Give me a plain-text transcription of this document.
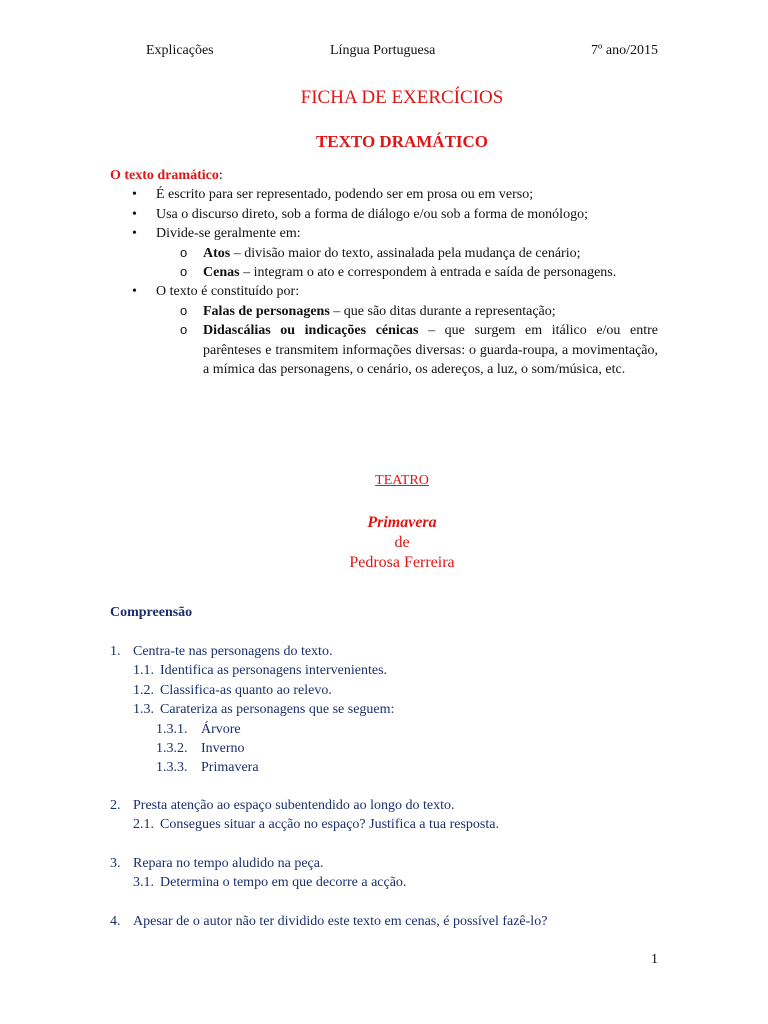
Explicações	Língua Portuguesa	7º ano/2015
FICHA DE EXERCÍCIOS
TEXTO DRAMÁTICO
O texto dramático:
• É escrito para ser representado, podendo ser em prosa ou em verso;
• Usa o discurso direto, sob a forma de diálogo e/ou sob a forma de monólogo;
• Divide-se geralmente em:
o Atos – divisão maior do texto, assinalada pela mudança de cenário;
o Cenas – integram o ato e correspondem à entrada e saída de personagens.
• O texto é constituído por:
o Falas de personagens – que são ditas durante a representação;
o Didascálias ou indicações cénicas – que surgem em itálico e/ou entre parênteses e transmitem informações diversas: o guarda-roupa, a movimentação, a mímica das personagens, o cenário, os adereços, a luz, o som/música, etc.
TEATRO
Primavera
de
Pedrosa Ferreira
Compreensão
1. Centra-te nas personagens do texto.
1.1. Identifica as personagens intervenientes.
1.2. Classifica-as quanto ao relevo.
1.3. Carateriza as personagens que se seguem:
1.3.1. Árvore
1.3.2. Inverno
1.3.3. Primavera
2. Presta atenção ao espaço subentendido ao longo do texto.
2.1. Consegues situar a acção no espaço? Justifica a tua resposta.
3. Repara no tempo aludido na peça.
3.1. Determina o tempo em que decorre a acção.
4. Apesar de o autor não ter dividido este texto em cenas, é possível fazê-lo?
1
